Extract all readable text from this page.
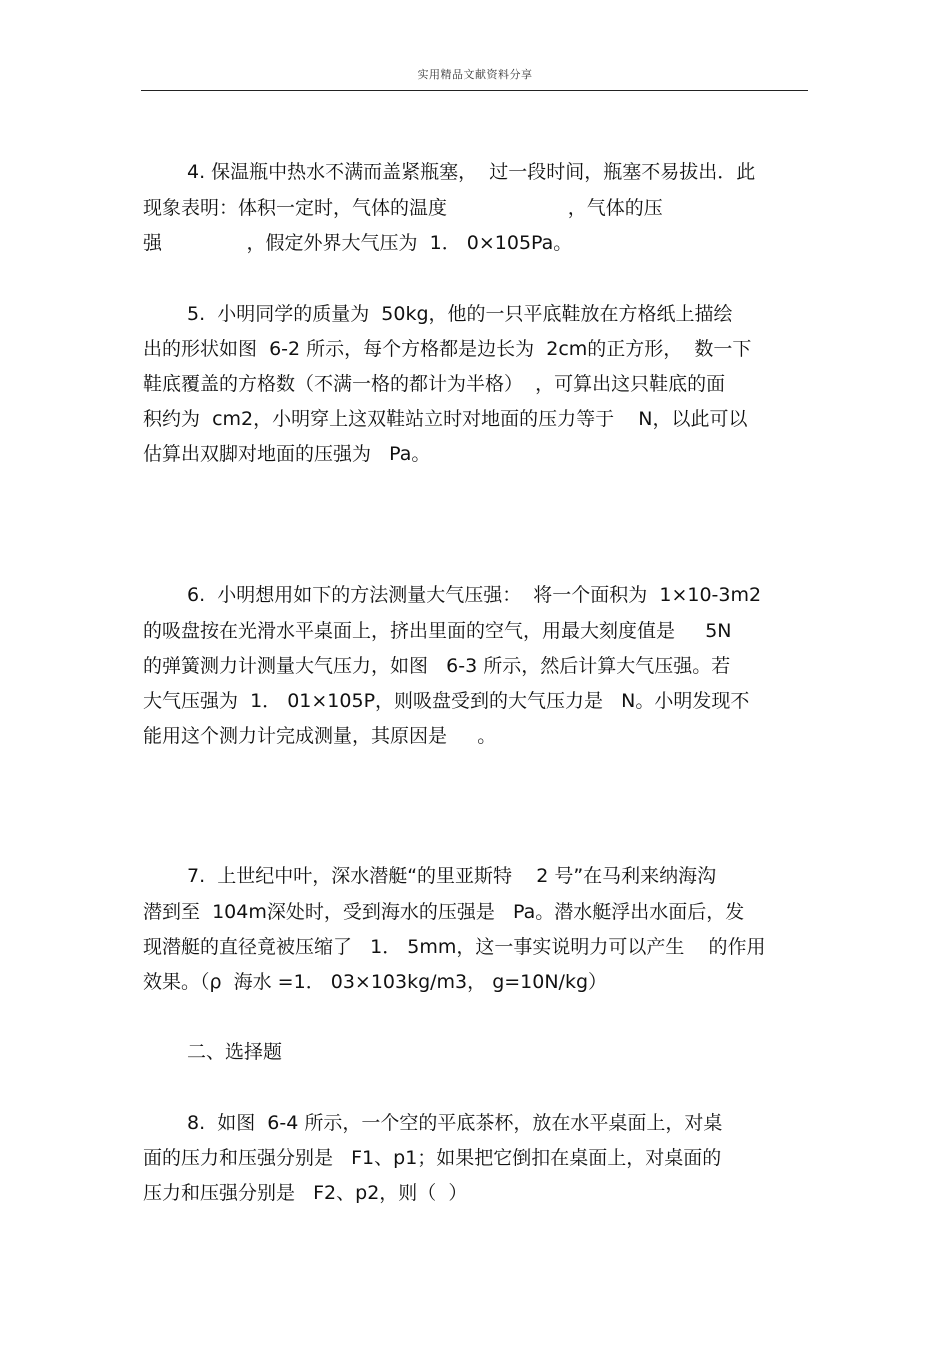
实用精品文献资料分享
4. 保温瓶中热水不满而盖紧瓶塞，  过一段时间，瓶塞不易拔出．此
现象表明：体积一定时，气体的温度                    ，气体的压
强              ，假定外界大气压为  1． 0×105Pa。
5.  小明同学的质量为  50kg，他的一只平底鞋放在方格纸上描绘
出的形状如图  6-2 所示，每个方格都是边长为  2cm的正方形，  数一下
鞋底覆盖的方格数（不满一格的都计为半格）  ，可算出这只鞋底的面
积约为  cm2，小明穿上这双鞋站立时对地面的压力等于    N，以此可以
估算出双脚对地面的压强为   Pa。
6.  小明想用如下的方法测量大气压强：  将一个面积为  1×10-3m2
的吸盘按在光滑水平桌面上，挤出里面的空气，用最大刻度值是     5N
的弹簧测力计测量大气压力，如图   6-3 所示，然后计算大气压强。若
大气压强为  1． 01×105P，则吸盘受到的大气压力是   N。小明发现不
能用这个测力计完成测量，其原因是     。
7.  上世纪中叶，深水潜艇“的里亚斯特    2 号”在马利来纳海沟
潜到至  104m深处时，受到海水的压强是   Pa。潜水艇浮出水面后，发
现潜艇的直径竟被压缩了   1． 5mm，这一事实说明力可以产生    的作用
效果。（ρ  海水 =1． 03×103kg/m3， g=10N/kg）
二、选择题
8.  如图  6-4 所示，一个空的平底茶杯，放在水平桌面上，对桌
面的压力和压强分别是   F1、p1；如果把它倒扣在桌面上，对桌面的
压力和压强分别是   F2、p2，则（  ）
